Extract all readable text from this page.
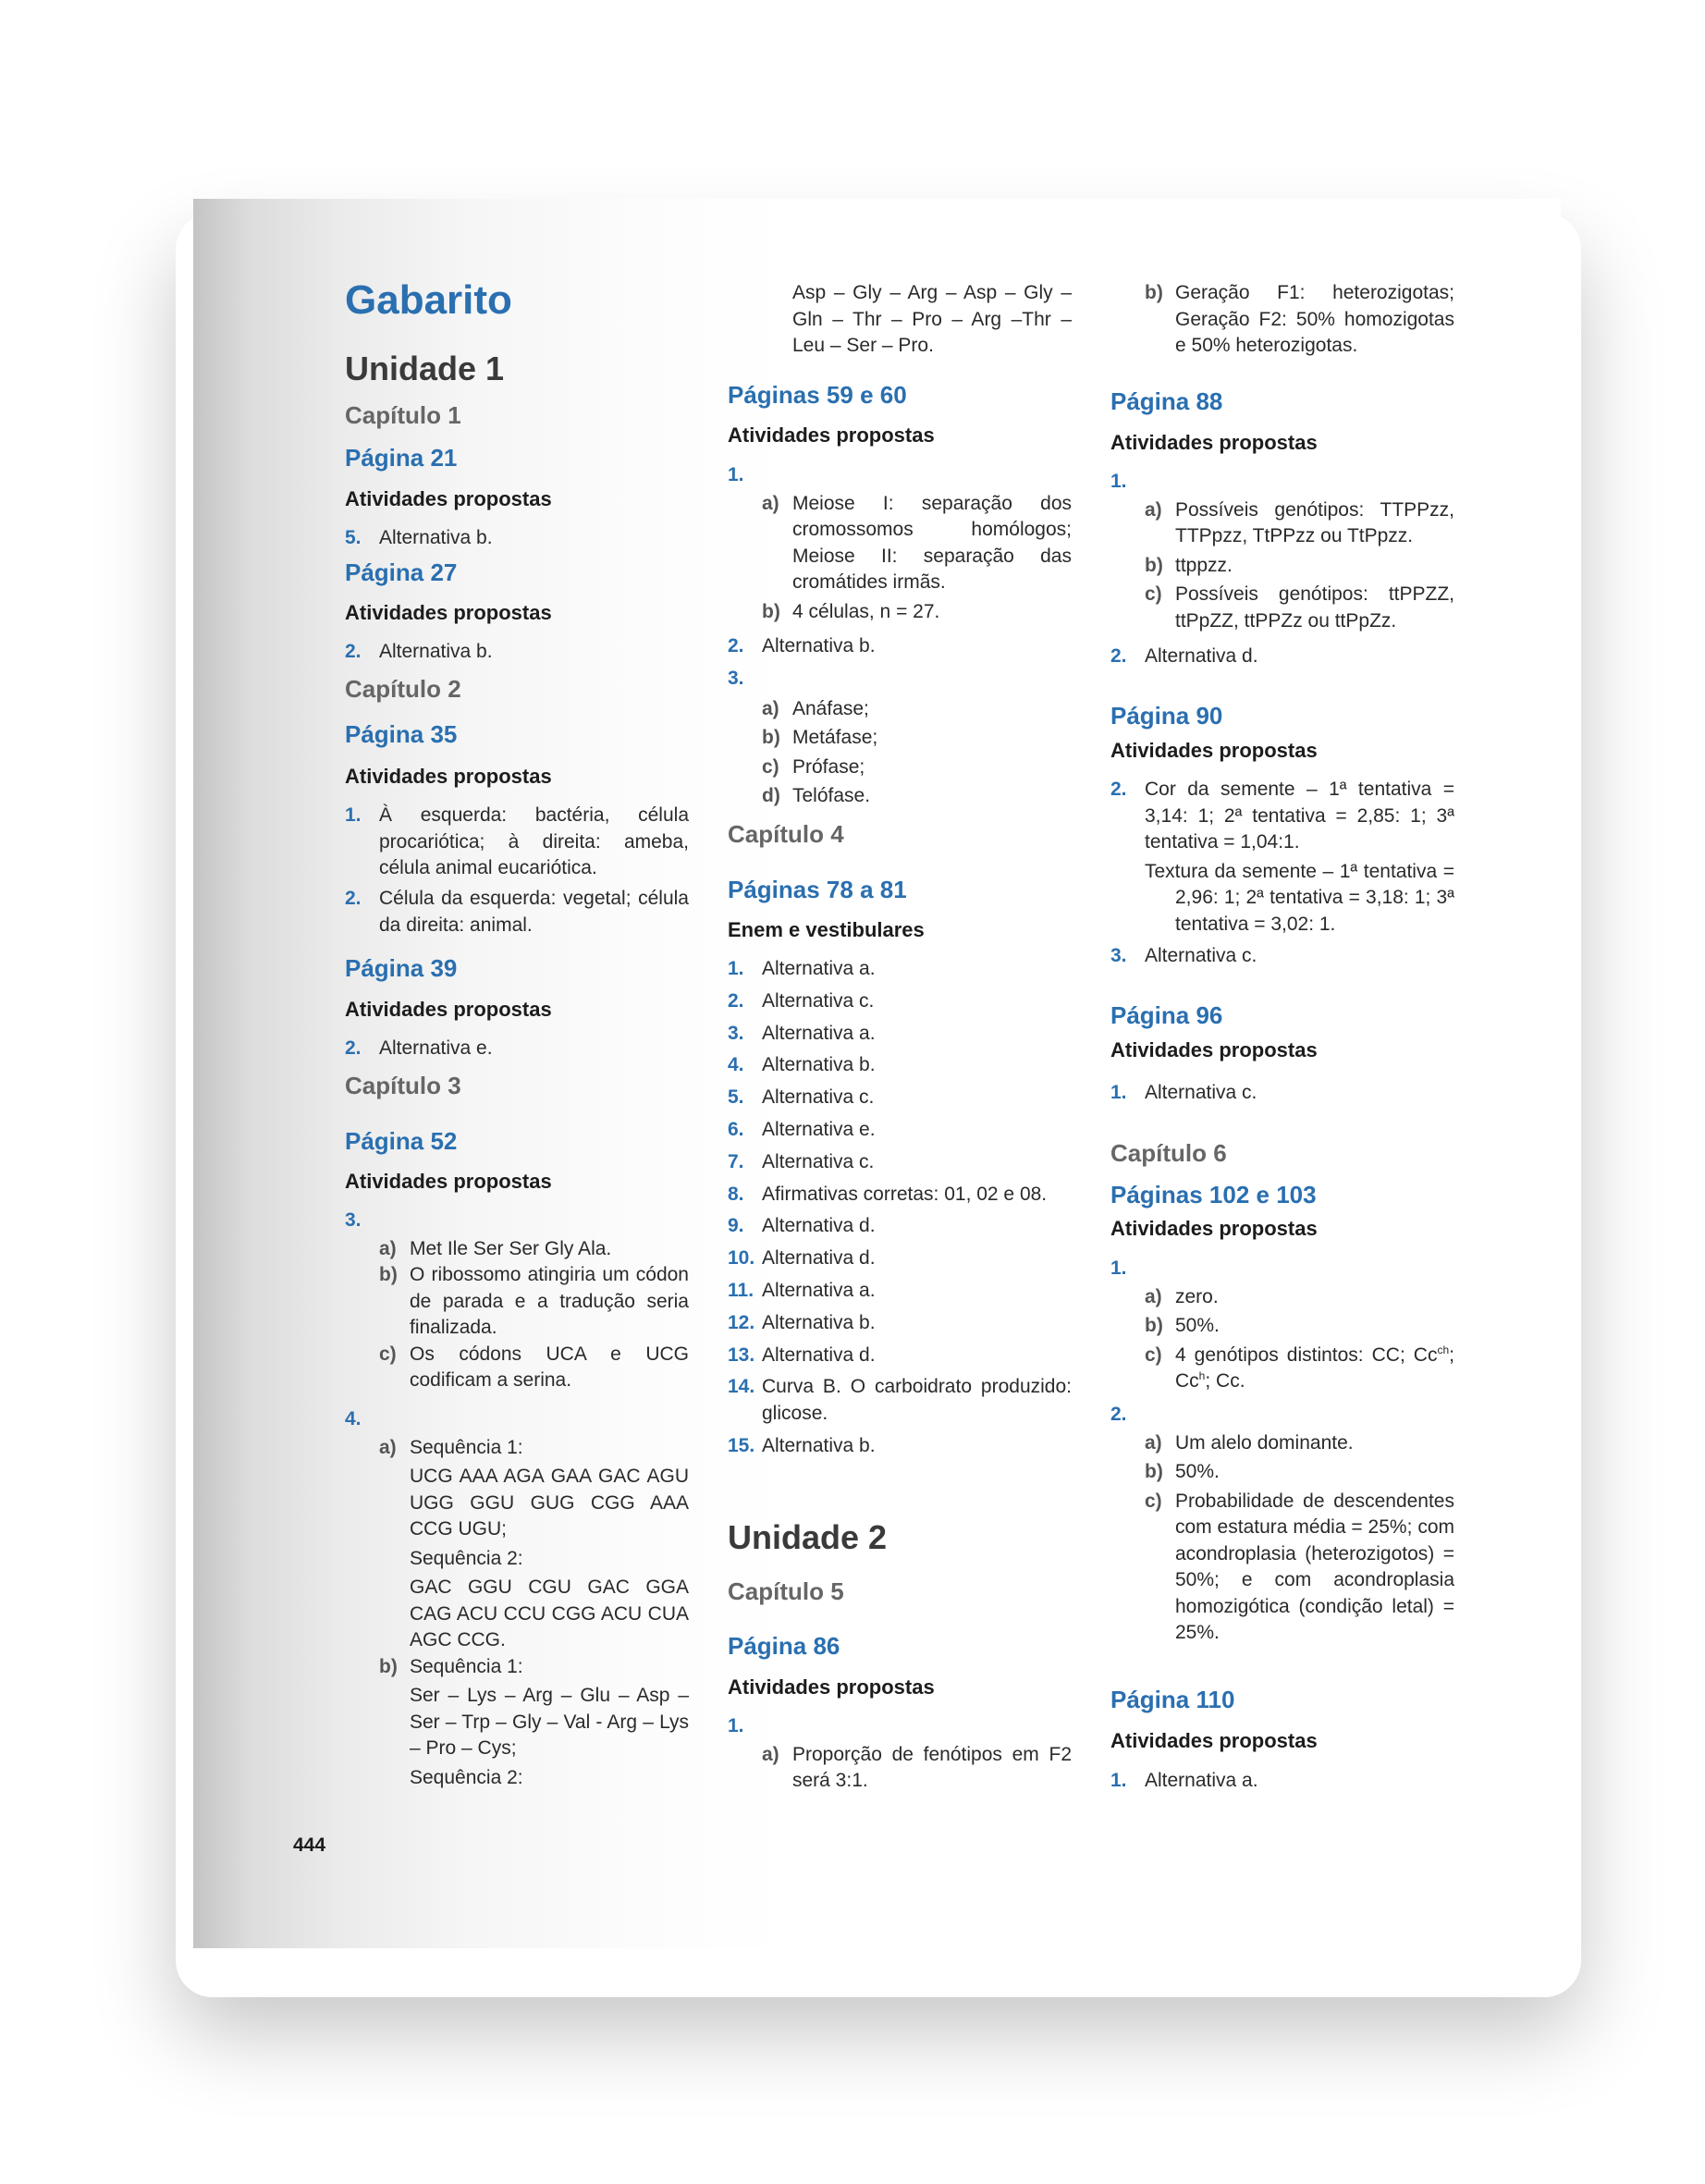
Gabarito
Unidade 1
Capítulo 1
Página 21
Atividades propostas
5. Alternativa b.
Página 27
Atividades propostas
2. Alternativa b.
Capítulo 2
Página 35
Atividades propostas
1. À esquerda: bactéria, célula procariótica; à direita: ameba, célula animal eucariótica.
2. Célula da esquerda: vegetal; célula da direita: animal.
Página 39
Atividades propostas
2. Alternativa e.
Capítulo 3
Página 52
Atividades propostas
3.

a) Met Ile Ser Ser Gly Ala.
b) O ribossomo atingiria um códon de parada e a tradução seria finalizada.
c) Os códons UCA e UCG codificam a serina.
4.

a) Sequência 1:
UCG AAA AGA GAA GAC AGU UGG GGU GUG CGG AAA CCG UGU;
Sequência 2:
GAC GGU CGU GAC GGA CAG ACU CCU CGG ACU CUA AGC CCG.
b) Sequência 1:
Ser – Lys – Arg – Glu – Asp – Ser – Trp – Gly – Val - Arg – Lys – Pro – Cys;
Sequência 2:
444
Asp – Gly – Arg – Asp – Gly – Gln – Thr – Pro – Arg –Thr – Leu – Ser – Pro.
Páginas 59 e 60
Atividades propostas
1.

a) Meiose I: separação dos cromossomos homólogos; Meiose II: separação das cromátides irmãs.
b) 4 células, n = 27.
2. Alternativa b.
3.

a) Anáfase;
b) Metáfase;
c) Prófase;
d) Telófase.
Capítulo 4
Páginas 78 a 81
Enem e vestibulares
1. Alternativa a.
2. Alternativa c.
3. Alternativa a.
4. Alternativa b.
5. Alternativa c.
6. Alternativa e.
7. Alternativa c.
8. Afirmativas corretas: 01, 02 e 08.
9. Alternativa d.
10. Alternativa d.
11. Alternativa a.
12. Alternativa b.
13. Alternativa d.
14. Curva B. O carboidrato produzido: glicose.
15. Alternativa b.
Unidade 2
Capítulo 5
Página 86
Atividades propostas
1.

a) Proporção de fenótipos em F2 será 3:1.
b) Geração F1: heterozigotas; Geração F2: 50% homozigotas e 50% heterozigotas.
Página 88
Atividades propostas
1.

a) Possíveis genótipos: TTPPzz, TTPpzz, TtPPzz ou TtPpzz.
b) ttppzz.
c) Possíveis genótipos: ttPPZZ, ttPpZZ, ttPPZz ou ttPpZz.
2. Alternativa d.
Página 90
Atividades propostas
2. Cor da semente – 1ª tentativa = 3,14: 1; 2ª tentativa = 2,85: 1; 3ª tentativa = 1,04:1.
Textura da semente – 1ª tentativa = 2,96: 1; 2ª tentativa = 3,18: 1; 3ª tentativa = 3,02: 1.
3. Alternativa c.
Página 96
Atividades propostas
1. Alternativa c.
Capítulo 6
Páginas 102 e 103
Atividades propostas
1.

a) zero.
b) 50%.
c) 4 genótipos distintos: CC; $Cc^{ch}$; Cc$^h$; Cc.
2.

a) Um alelo dominante.
b) 50%.
c) Probabilidade de descendentes com estatura média = 25%; com acondroplasia (heterozigotos) = 50%; e com acondroplasia homozigótica (condição letal) = 25%.
Página 110
Atividades propostas
1. Alternativa a.
